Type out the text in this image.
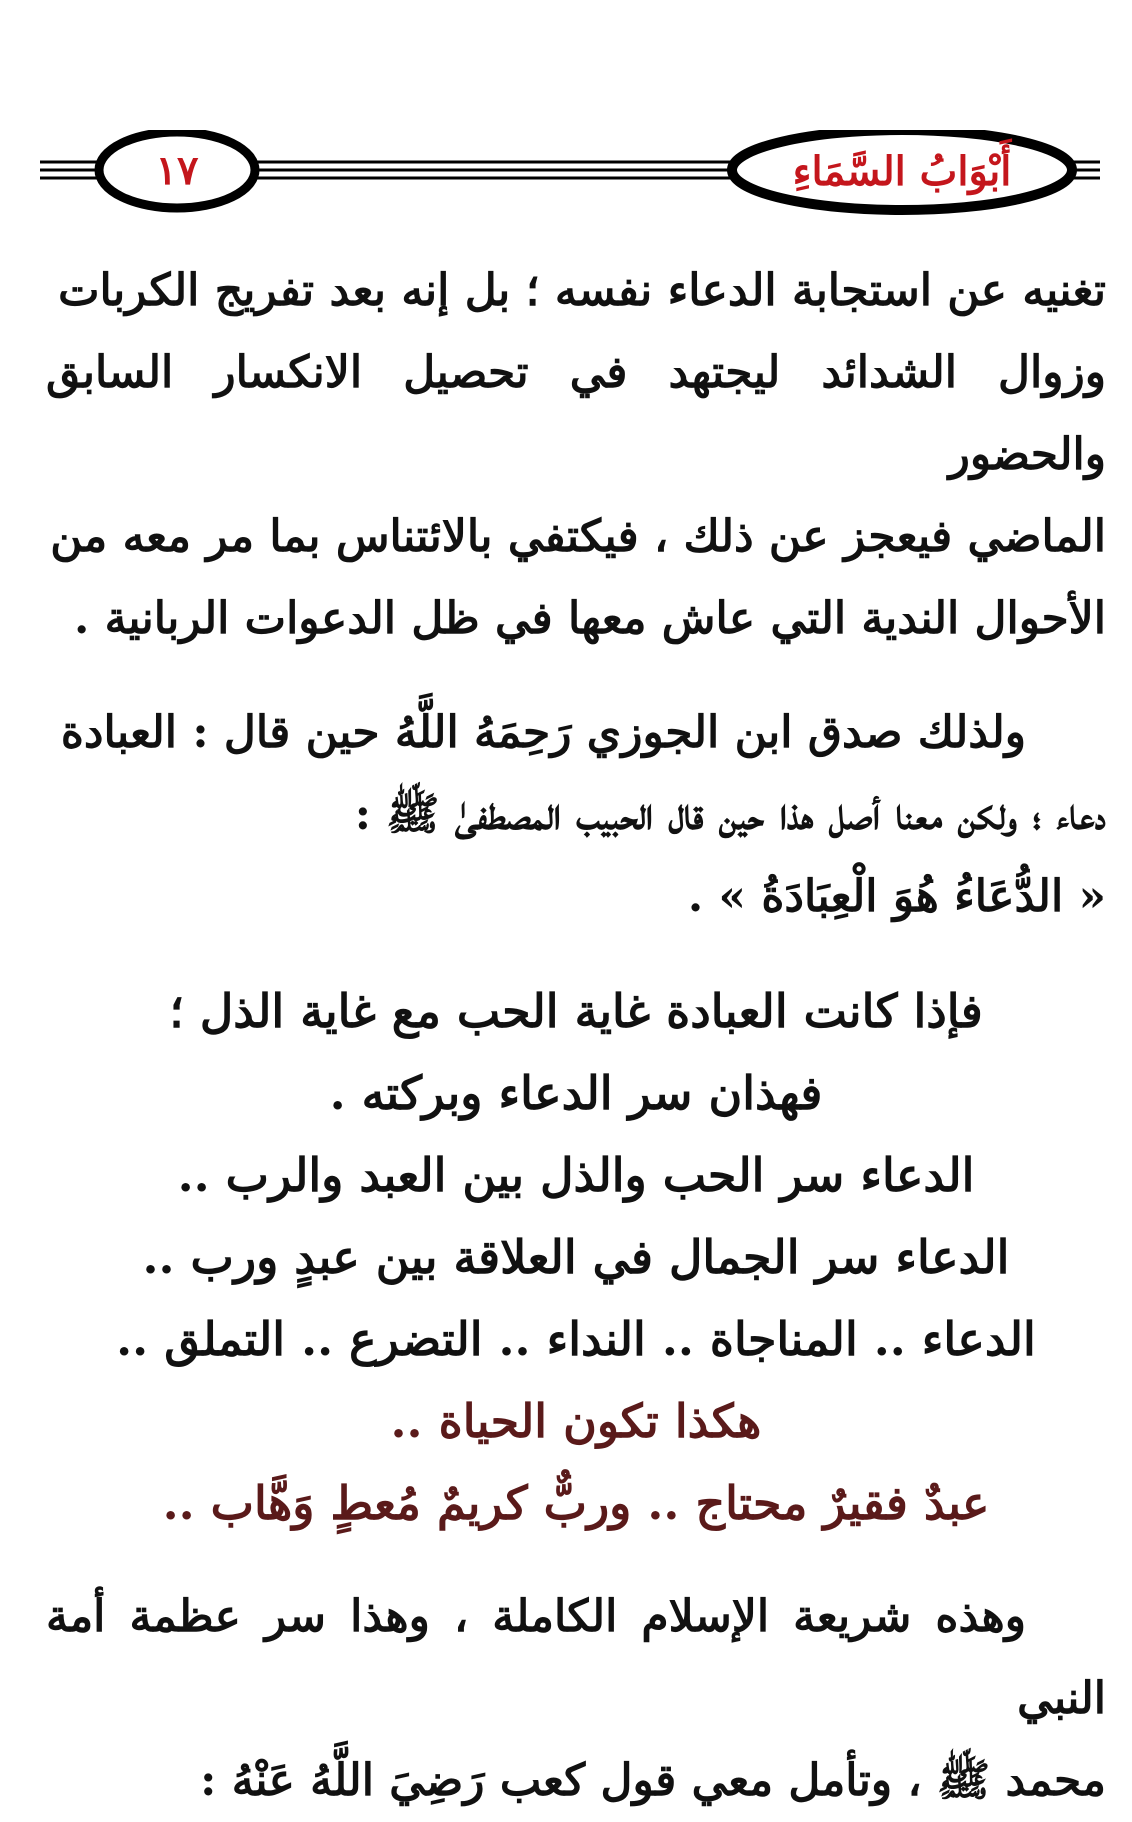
١٧	أَبْوَابُ السَّمَاءِ
تغنيه عن استجابة الدعاء نفسه ؛ بل إنه بعد تفريج الكربات
وزوال الشدائد ليجتهد في تحصيل الانكسار السابق والحضور
الماضي فيعجز عن ذلك ، فيكتفي بالائتناس بما مر معه من
الأحوال الندية التي عاش معها في ظل الدعوات الربانية .
ولذلك صدق ابن الجوزي رَحِمَهُ اللَّهُ حين قال : العبادة
دعاء ؛ ولكن معنا أصل هذا حين قال الحبيب المصطفىٰ ﷺ :
« الدُّعَاءُ هُوَ الْعِبَادَةُ » .

فإذا كانت العبادة غاية الحب مع غاية الذل ؛

فهذان سر الدعاء وبركته .

الدعاء سر الحب والذل بين العبد والرب ..

الدعاء سر الجمال في العلاقة بين عبدٍ ورب ..

الدعاء .. المناجاة .. النداء .. التضرع .. التملق ..

هكذا تكون الحياة ..

عبدٌ فقيرٌ محتاج .. وربٌّ كريمٌ مُعطٍ وَهَّاب ..

وهذه شريعة الإسلام الكاملة ، وهذا سر عظمة أمة النبي
محمد ﷺ ، وتأمل معي قول كعب رَضِيَ اللَّهُ عَنْهُ :
